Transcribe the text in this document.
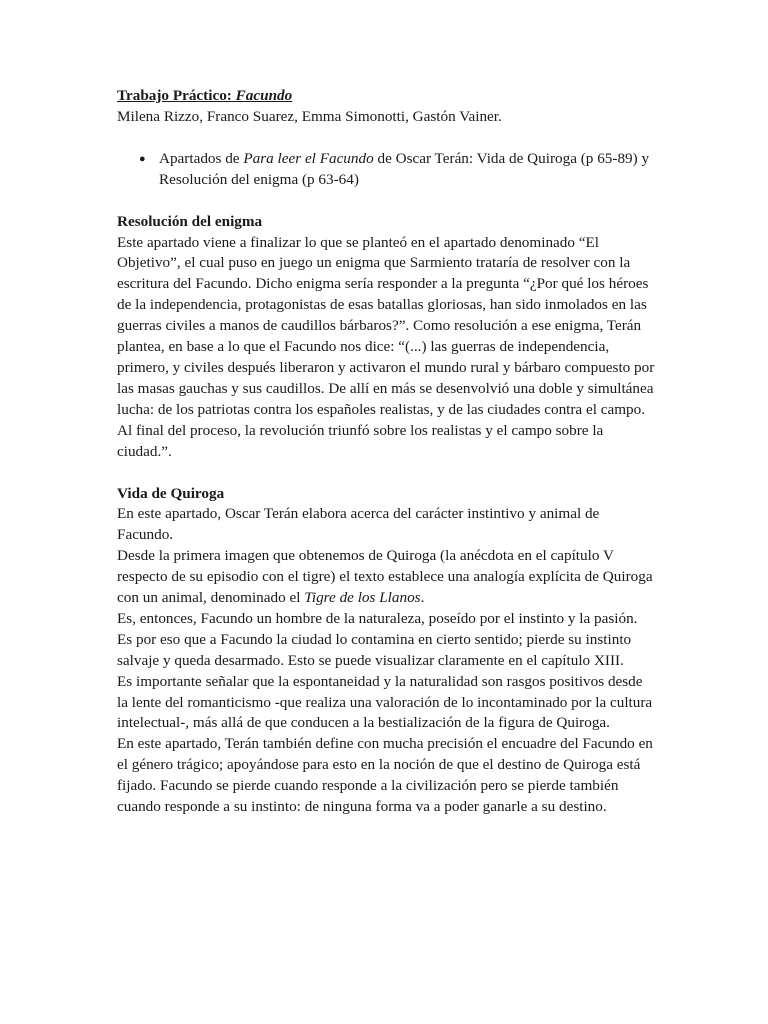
Trabajo Práctico: Facundo

Milena Rizzo, Franco Suarez, Emma Simonotti, Gastón Vainer.

● Apartados de Para leer el Facundo de Oscar Terán: Vida de Quiroga (p 65-89) y Resolución del enigma (p 63-64)

Resolución del enigma

Este apartado viene a finalizar lo que se planteó en el apartado denominado “El Objetivo”, el cual puso en juego un enigma que Sarmiento trataría de resolver con la escritura del Facundo. Dicho enigma sería responder a la pregunta “¿Por qué los héroes de la independencia, protagonistas de esas batallas gloriosas, han sido inmolados en las guerras civiles a manos de caudillos bárbaros?”. Como resolución a ese enigma, Terán plantea, en base a lo que el Facundo nos dice: “(...) las guerras de independencia, primero, y civiles después liberaron y activaron el mundo rural y bárbaro compuesto por las masas gauchas y sus caudillos. De allí en más se desenvolvió una doble y simultánea lucha: de los patriotas contra los españoles realistas, y de las ciudades contra el campo. Al final del proceso, la revolución triunfó sobre los realistas y el campo sobre la ciudad.”.

Vida de Quiroga

En este apartado, Oscar Terán elabora acerca del carácter instintivo y animal de Facundo.

Desde la primera imagen que obtenemos de Quiroga (la anécdota en el capítulo V respecto de su episodio con el tigre) el texto establece una analogía explícita de Quiroga con un animal, denominado el Tigre de los Llanos.

Es, entonces, Facundo un hombre de la naturaleza, poseído por el instinto y la pasión. Es por eso que a Facundo la ciudad lo contamina en cierto sentido; pierde su instinto salvaje y queda desarmado. Esto se puede visualizar claramente en el capítulo XIII.

Es importante señalar que la espontaneidad y la naturalidad son rasgos positivos desde la lente del romanticismo -que realiza una valoración de lo incontaminado por la cultura intelectual-, más allá de que conducen a la bestialización de la figura de Quiroga.

En este apartado, Terán también define con mucha precisión el encuadre del Facundo en el género trágico; apoyándose para esto en la noción de que el destino de Quiroga está fijado. Facundo se pierde cuando responde a la civilización pero se pierde también cuando responde a su instinto: de ninguna forma va a poder ganarle a su destino.
